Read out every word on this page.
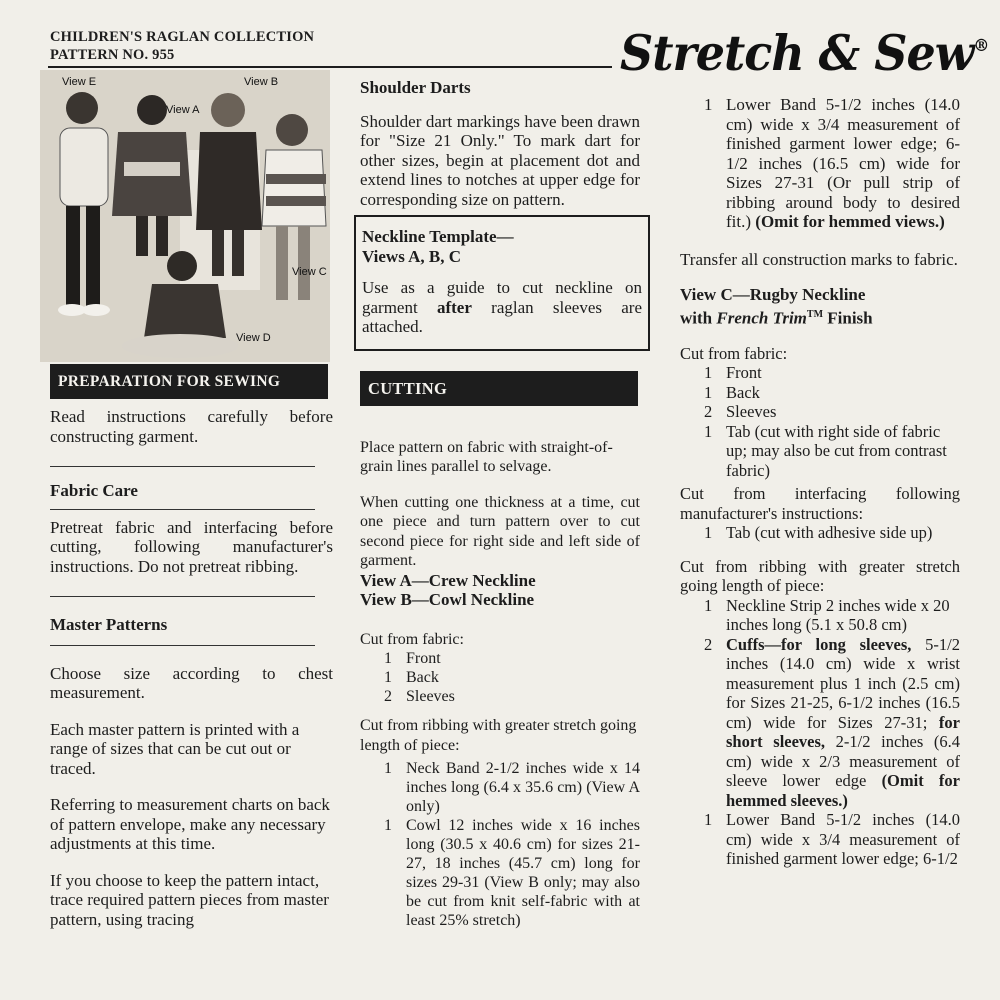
CHILDREN'S RAGLAN COLLECTION
PATTERN NO. 955	Stretch & Sew®
View E	View B
View A
View C
View D
PREPARATION FOR SEWING

Read instructions carefully before constructing garment.

Fabric Care

Pretreat fabric and interfacing before cutting, following manufacturer's instructions. Do not pretreat ribbing.

Master Patterns

Choose size according to chest measurement.

Each master pattern is printed with a range of sizes that can be cut out or traced.

Referring to measurement charts on back of pattern envelope, make any necessary adjustments at this time.

If you choose to keep the pattern intact, trace required pattern pieces from master pattern, using tracing

Shoulder Darts

Shoulder dart markings have been drawn for "Size 21 Only." To mark dart for other sizes, begin at placement dot and extend lines to notches at upper edge for corresponding size on pattern.

Neckline Template— Views A, B, C

Use as a guide to cut neckline on garment after raglan sleeves are attached.

CUTTING

Place pattern on fabric with straight-of-grain lines parallel to selvage.

When cutting one thickness at a time, cut one piece and turn pattern over to cut second piece for right side and left side of garment.

View A—Crew Neckline

View B—Cowl Neckline

Cut from fabric:

1 Front
1 Back
2 Sleeves

Cut from ribbing with greater stretch going length of piece:

1 Neck Band 2-1/2 inches wide x 14 inches long (6.4 x 35.6 cm) (View A only)
1 Cowl 12 inches wide x 16 inches long (30.5 x 40.6 cm) for sizes 21-27, 18 inches (45.7 cm) long for sizes 29-31 (View B only; may also be cut from knit self-fabric with at least 25% stretch)
1 Lower Band 5-1/2 inches (14.0 cm) wide x 3/4 measurement of finished garment lower edge; 6-1/2 inches (16.5 cm) wide for Sizes 27-31 (Or pull strip of ribbing around body to desired fit.) (Omit for hemmed views.)

Transfer all construction marks to fabric.

View C—Rugby Neckline
with French Trim™ Finish

Cut from fabric:

1 Front
1 Back
2 Sleeves
1 Tab (cut with right side of fabric up; may also be cut from contrast fabric)

Cut from interfacing following manufacturer's instructions:

1 Tab (cut with adhesive side up)

Cut from ribbing with greater stretch going length of piece:

1 Neckline Strip 2 inches wide x 20 inches long (5.1 x 50.8 cm)
2 Cuffs—for long sleeves, 5-1/2 inches (14.0 cm) wide x wrist measurement plus 1 inch (2.5 cm) for Sizes 21-25, 6-1/2 inches (16.5 cm) wide for Sizes 27-31; for short sleeves, 2-1/2 inches (6.4 cm) wide x 2/3 measurement of sleeve lower edge (Omit for hemmed sleeves.)
1 Lower Band 5-1/2 inches (14.0 cm) wide x 3/4 measurement of finished garment lower edge; 6-1/2
